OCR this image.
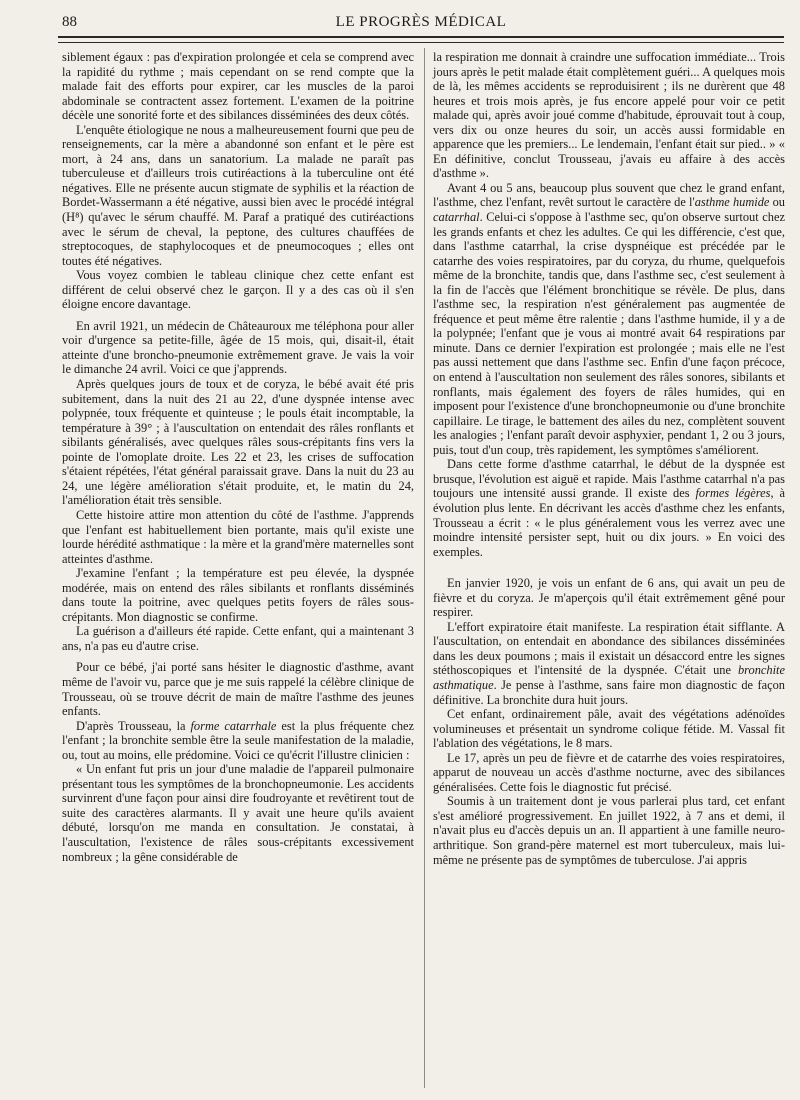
88	LE PROGRÈS MÉDICAL

siblement égaux : pas d'expiration prolongée et cela se comprend avec la rapidité du rythme ; mais cependant on se rend compte que la malade fait des efforts pour expirer, car les muscles de la paroi abdominale se contractent assez fortement. L'examen de la poitrine décèle une sonorité forte et des sibilances disséminées des deux côtés.

L'enquête étiologique ne nous a malheureusement fourni que peu de renseignements, car la mère a abandonné son enfant et le père est mort, à 24 ans, dans un sanatorium. La malade ne paraît pas tuberculeuse et d'ailleurs trois cutiréactions à la tuberculine ont été négatives. Elle ne présente aucun stigmate de syphilis et la réaction de Bordet-Wassermann a été négative, aussi bien avec le procédé intégral (H⁸) qu'avec le sérum chauffé. M. Paraf a pratiqué des cutiréactions avec le sérum de cheval, la peptone, des cultures chauffées de streptocoques, de staphylocoques et de pneumocoques ; elles ont toutes été négatives.

Vous voyez combien le tableau clinique chez cette enfant est différent de celui observé chez le garçon. Il y a des cas où il s'en éloigne encore davantage.

En avril 1921, un médecin de Châteauroux me téléphona pour aller voir d'urgence sa petite-fille, âgée de 15 mois, qui, disait-il, était atteinte d'une broncho-pneumonie extrêmement grave. Je vais la voir le dimanche 24 avril. Voici ce que j'apprends.

Après quelques jours de toux et de coryza, le bébé avait été pris subitement, dans la nuit des 21 au 22, d'une dyspnée intense avec polypnée, toux fréquente et quinteuse ; le pouls était incomptable, la température à 39° ; à l'auscultation on entendait des râles ronflants et sibilants généralisés, avec quelques râles sous-crépitants fins vers la pointe de l'omoplate droite. Les 22 et 23, les crises de suffocation s'étaient répétées, l'état général paraissait grave. Dans la nuit du 23 au 24, une légère amélioration s'était produite, et, le matin du 24, l'amélioration était très sensible.

Cette histoire attire mon attention du côté de l'asthme. J'apprends que l'enfant est habituellement bien portante, mais qu'il existe une lourde hérédité asthmatique : la mère et la grand'mère maternelles sont atteintes d'asthme.

J'examine l'enfant ; la température est peu élevée, la dyspnée modérée, mais on entend des râles sibilants et ronflants disséminés dans toute la poitrine, avec quelques petits foyers de râles sous-crépitants. Mon diagnostic se confirme.

La guérison a d'ailleurs été rapide. Cette enfant, qui a maintenant 3 ans, n'a pas eu d'autre crise.

Pour ce bébé, j'ai porté sans hésiter le diagnostic d'asthme, avant même de l'avoir vu, parce que je me suis rappelé la célèbre clinique de Trousseau, où se trouve décrit de main de maître l'asthme des jeunes enfants.

D'après Trousseau, la forme catarrhale est la plus fréquente chez l'enfant ; la bronchite semble être la seule manifestation de la maladie, ou, tout au moins, elle prédomine. Voici ce qu'écrit l'illustre clinicien :

« Un enfant fut pris un jour d'une maladie de l'appareil pulmonaire présentant tous les symptômes de la bronchopneumonie. Les accidents survinrent d'une façon pour ainsi dire foudroyante et revêtirent tout de suite des caractères alarmants. Il y avait une heure qu'ils avaient débuté, lorsqu'on me manda en consultation. Je constatai, à l'auscultation, l'existence de râles sous-crépitants excessivement nombreux ; la gêne considérable de

la respiration me donnait à craindre une suffocation immédiate... Trois jours après le petit malade était complètement guéri... A quelques mois de là, les mêmes accidents se reproduisirent ; ils ne durèrent que 48 heures et trois mois après, je fus encore appelé pour voir ce petit malade qui, après avoir joué comme d'habitude, éprouvait tout à coup, vers dix ou onze heures du soir, un accès aussi formidable en apparence que les premiers... Le lendemain, l'enfant était sur pied.. » « En définitive, conclut Trousseau, j'avais eu affaire à des accès d'asthme ».

Avant 4 ou 5 ans, beaucoup plus souvent que chez le grand enfant, l'asthme, chez l'enfant, revêt surtout le caractère de l'asthme humide ou catarrhal. Celui-ci s'oppose à l'asthme sec, qu'on observe surtout chez les grands enfants et chez les adultes. Ce qui les différencie, c'est que, dans l'asthme catarrhal, la crise dyspnéique est précédée par le catarrhe des voies respiratoires, par du coryza, du rhume, quelquefois même de la bronchite, tandis que, dans l'asthme sec, c'est seulement à la fin de l'accès que l'élément bronchitique se révèle. De plus, dans l'asthme sec, la respiration n'est généralement pas augmentée de fréquence et peut même être ralentie ; dans l'asthme humide, il y a de la polypnée; l'enfant que je vous ai montré avait 64 respirations par minute. Dans ce dernier l'expiration est prolongée ; mais elle ne l'est pas aussi nettement que dans l'asthme sec. Enfin d'une façon précoce, on entend à l'auscultation non seulement des râles sonores, sibilants et ronflants, mais également des foyers de râles humides, qui en imposent pour l'existence d'une bronchopneumonie ou d'une bronchite capillaire. Le tirage, le battement des ailes du nez, complètent souvent les analogies ; l'enfant paraît devoir asphyxier, pendant 1, 2 ou 3 jours, puis, tout d'un coup, très rapidement, les symptômes s'améliorent.

Dans cette forme d'asthme catarrhal, le début de la dyspnée est brusque, l'évolution est aiguë et rapide. Mais l'asthme catarrhal n'a pas toujours une intensité aussi grande. Il existe des formes légères, à évolution plus lente. En décrivant les accès d'asthme chez les enfants, Trousseau a écrit : « le plus généralement vous les verrez avec une moindre intensité persister sept, huit ou dix jours. » En voici des exemples.

En janvier 1920, je vois un enfant de 6 ans, qui avait un peu de fièvre et du coryza. Je m'aperçois qu'il était extrêmement gêné pour respirer.

L'effort expiratoire était manifeste. La respiration était sifflante. A l'auscultation, on entendait en abondance des sibilances disséminées dans les deux poumons ; mais il existait un désaccord entre les signes stéthoscopiques et l'intensité de la dyspnée. C'était une bronchite asthmatique. Je pense à l'asthme, sans faire mon diagnostic de façon définitive. La bronchite dura huit jours.

Cet enfant, ordinairement pâle, avait des végétations adénoïdes volumineuses et présentait un syndrome colique fétide. M. Vassal fit l'ablation des végétations, le 8 mars.

Le 17, après un peu de fièvre et de catarrhe des voies respiratoires, apparut de nouveau un accès d'asthme nocturne, avec des sibilances généralisées. Cette fois le diagnostic fut précisé.

Soumis à un traitement dont je vous parlerai plus tard, cet enfant s'est amélioré progressivement. En juillet 1922, à 7 ans et demi, il n'avait plus eu d'accès depuis un an. Il appartient à une famille neuro-arthritique. Son grand-père maternel est mort tuberculeux, mais lui-même ne présente pas de symptômes de tuberculose. J'ai appris
